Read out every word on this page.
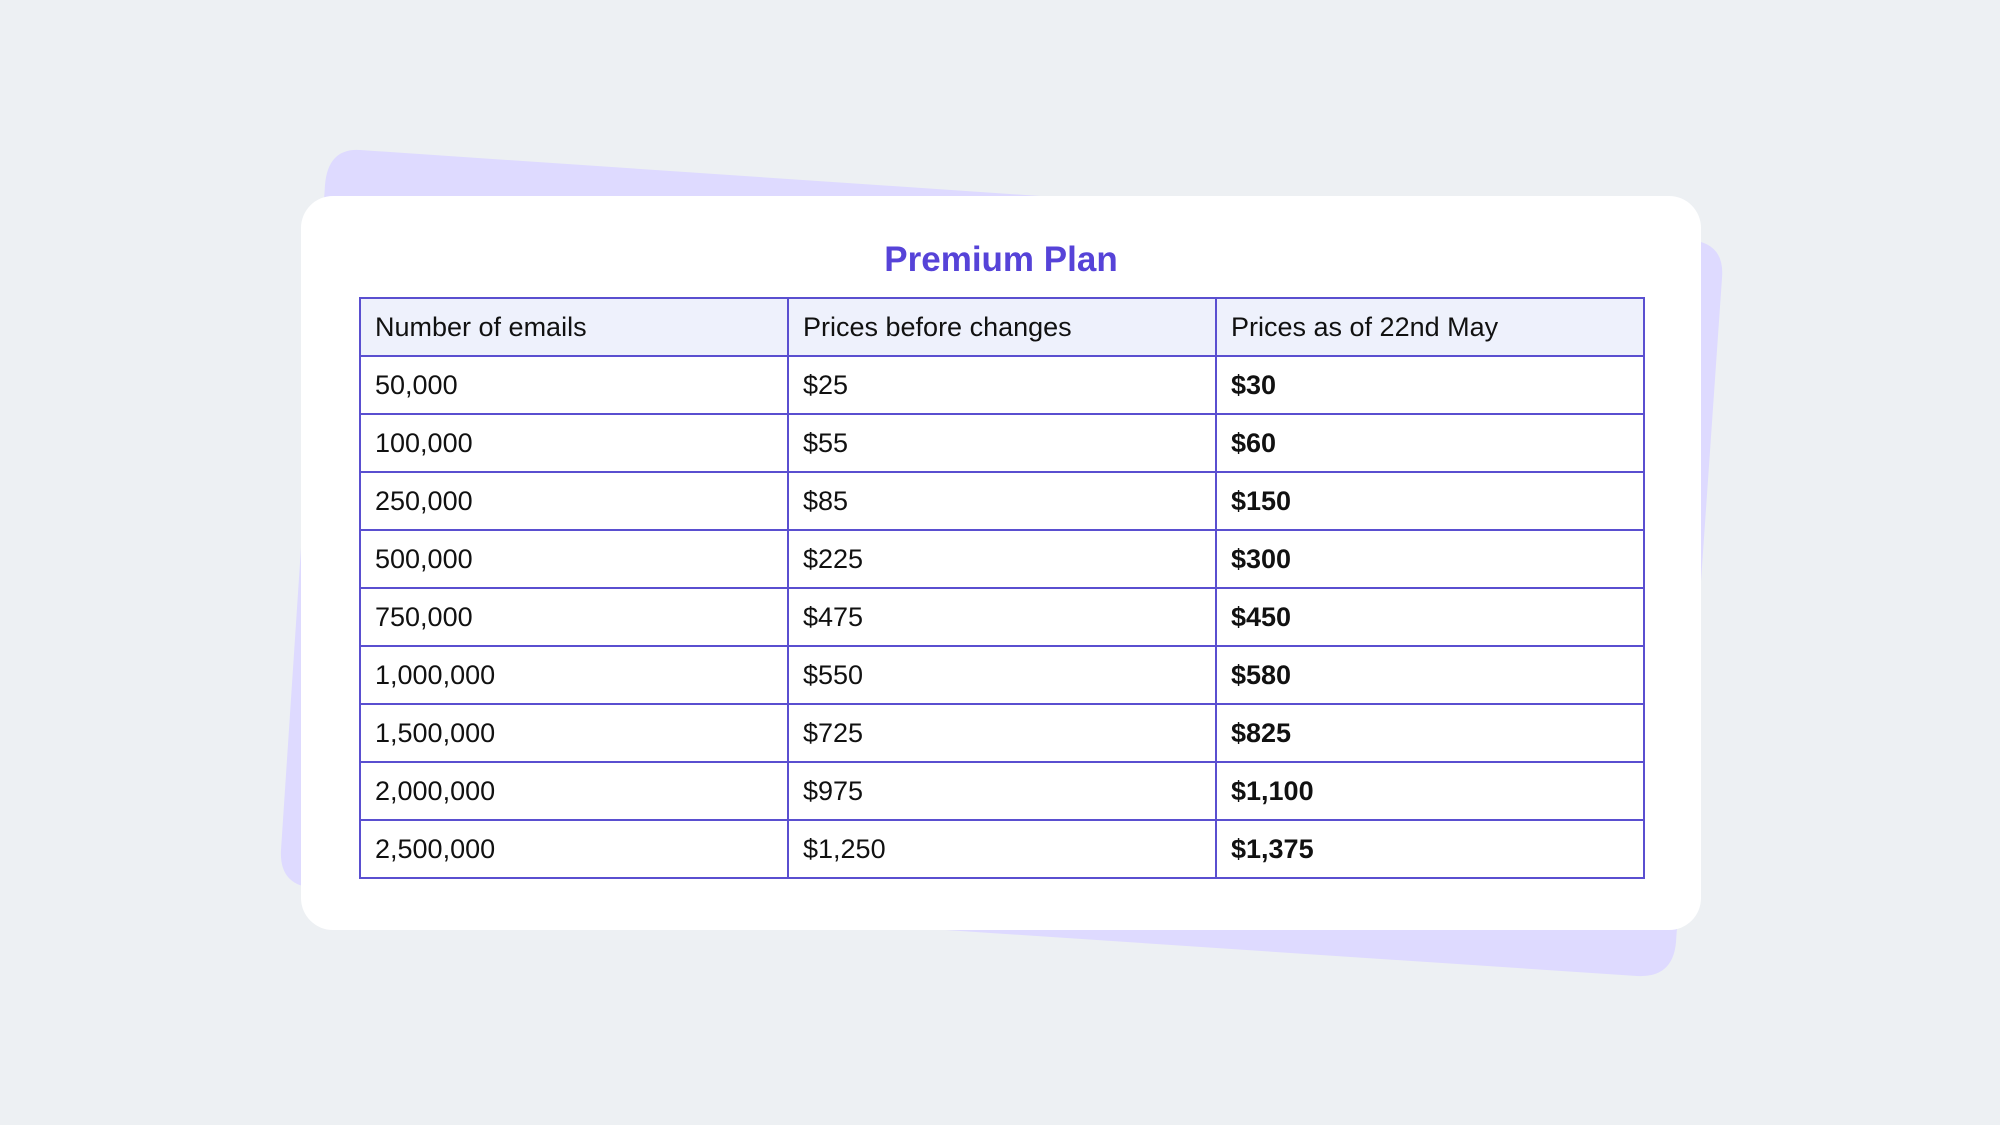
Premium Plan
Number of emails	Prices before changes	Prices as of 22nd May
50,000	$25	$30
100,000	$55	$60
250,000	$85	$150
500,000	$225	$300
750,000	$475	$450
1,000,000	$550	$580
1,500,000	$725	$825
2,000,000	$975	$1,100
2,500,000	$1,250	$1,375
